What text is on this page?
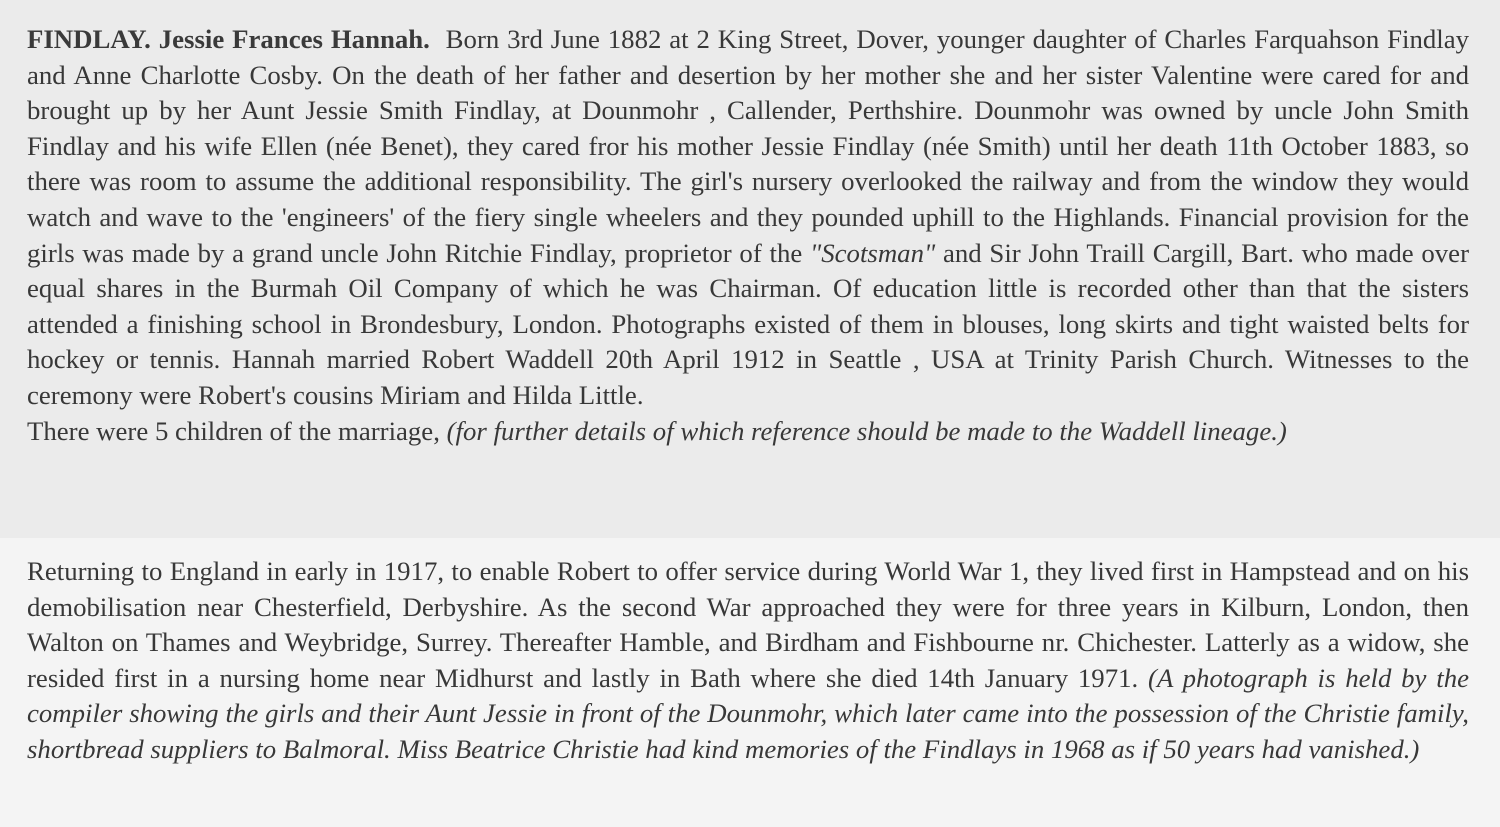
FINDLAY. Jessie Frances Hannah. Born 3rd June 1882 at 2 King Street, Dover, younger daughter of Charles Farquahson Findlay and Anne Charlotte Cosby. On the death of her father and desertion by her mother she and her sister Valentine were cared for and brought up by her Aunt Jessie Smith Findlay, at Dounmohr , Callender, Perthshire. Dounmohr was owned by uncle John Smith Findlay and his wife Ellen (née Benet), they cared fror his mother Jessie Findlay (née Smith) until her death 11th October 1883, so there was room to assume the additional responsibility. The girl's nursery overlooked the railway and from the window they would watch and wave to the 'engineers' of the fiery single wheelers and they pounded uphill to the Highlands. Financial provision for the girls was made by a grand uncle John Ritchie Findlay, proprietor of the "Scotsman" and Sir John Traill Cargill, Bart. who made over equal shares in the Burmah Oil Company of which he was Chairman. Of education little is recorded other than that the sisters attended a finishing school in Brondesbury, London. Photographs existed of them in blouses, long skirts and tight waisted belts for hockey or tennis. Hannah married Robert Waddell 20th April 1912 in Seattle , USA at Trinity Parish Church. Witnesses to the ceremony were Robert's cousins Miriam and Hilda Little.

There were 5 children of the marriage, (for further details of which reference should be made to the Waddell lineage.)

Returning to England in early in 1917, to enable Robert to offer service during World War 1, they lived first in Hampstead and on his demobilisation near Chesterfield, Derbyshire. As the second War approached they were for three years in Kilburn, London, then Walton on Thames and Weybridge, Surrey. Thereafter Hamble, and Birdham and Fishbourne nr. Chichester. Latterly as a widow, she resided first in a nursing home near Midhurst and lastly in Bath where she died 14th January 1971. (A photograph is held by the compiler showing the girls and their Aunt Jessie in front of the Dounmohr, which later came into the possession of the Christie family, shortbread suppliers to Balmoral. Miss Beatrice Christie had kind memories of the Findlays in 1968 as if 50 years had vanished.)
